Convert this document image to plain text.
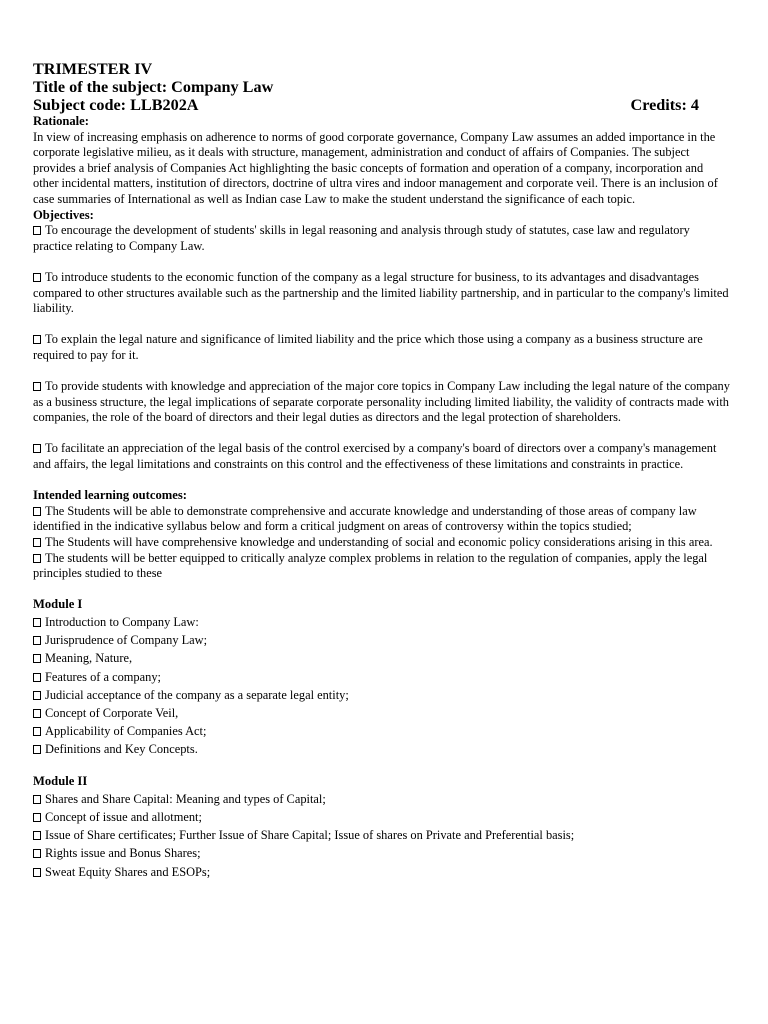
TRIMESTER IV
Title of the subject: Company Law
Subject code: LLB202A	Credits: 4
Rationale:

In view of increasing emphasis on adherence to norms of good corporate governance, Company Law assumes an added importance in the corporate legislative milieu, as it deals with structure, management, administration and conduct of affairs of Companies. The subject provides a brief analysis of Companies Act highlighting the basic concepts of formation and operation of a company, incorporation and other incidental matters, institution of directors, doctrine of ultra vires and indoor management and corporate veil. There is an inclusion of case summaries of International as well as Indian case Law to make the student understand the significance of each topic.

Objectives:

To encourage the development of students' skills in legal reasoning and analysis through study of statutes, case law and regulatory practice relating to Company Law.

To introduce students to the economic function of the company as a legal structure for business, to its advantages and disadvantages compared to other structures available such as the partnership and the limited liability partnership, and in particular to the company's limited liability.

To explain the legal nature and significance of limited liability and the price which those using a company as a business structure are required to pay for it.

To provide students with knowledge and appreciation of the major core topics in Company Law including the legal nature of the company as a business structure, the legal implications of separate corporate personality including limited liability, the validity of contracts made with companies, the role of the board of directors and their legal duties as directors and the legal protection of shareholders.

To facilitate an appreciation of the legal basis of the control exercised by a company's board of directors over a company's management and affairs, the legal limitations and constraints on this control and the effectiveness of these limitations and constraints in practice.

Intended learning outcomes:

The Students will be able to demonstrate comprehensive and accurate knowledge and understanding of those areas of company law identified in the indicative syllabus below and form a critical judgment on areas of controversy within the topics studied;

The Students will have comprehensive knowledge and understanding of social and economic policy considerations arising in this area.

The students will be better equipped to critically analyze complex problems in relation to the regulation of companies, apply the legal principles studied to these

Module I
Introduction to Company Law:
Jurisprudence of Company Law;
Meaning, Nature,
Features of a company;
Judicial acceptance of the company as a separate legal entity;
Concept of Corporate Veil,
Applicability of Companies Act;
Definitions and Key Concepts.
Module II
Shares and Share Capital: Meaning and types of Capital;
Concept of issue and allotment;
Issue of Share certificates; Further Issue of Share Capital; Issue of shares on Private and Preferential basis;
Rights issue and Bonus Shares;
Sweat Equity Shares and ESOPs;
